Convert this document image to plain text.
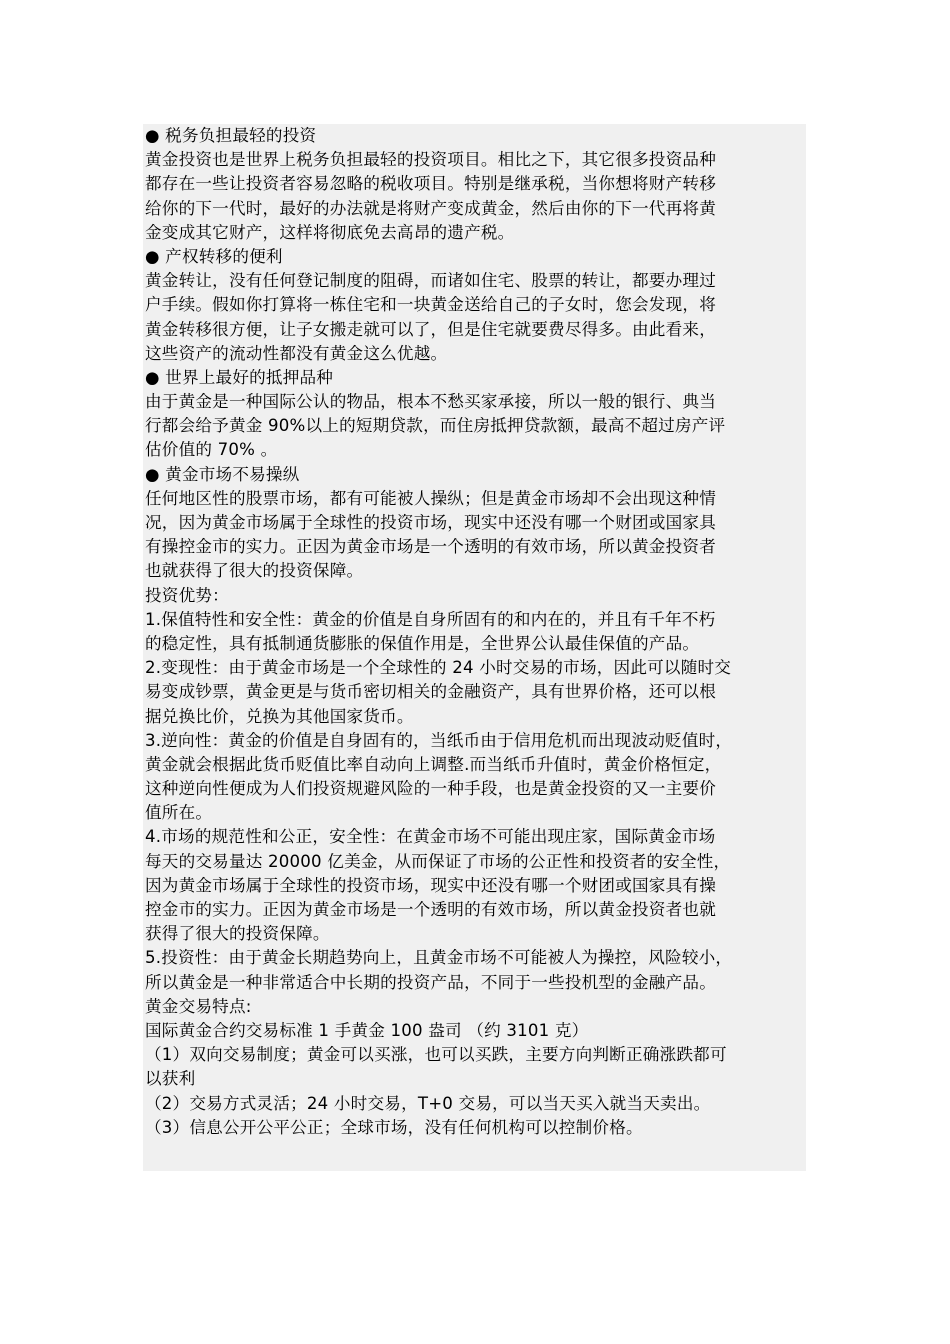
● 税务负担最轻的投资
黄金投资也是世界上税务负担最轻的投资项目。相比之下，其它很多投资品种
都存在一些让投资者容易忽略的税收项目。特别是继承税，当你想将财产转移
给你的下一代时，最好的办法就是将财产变成黄金，然后由你的下一代再将黄
金变成其它财产，这样将彻底免去高昂的遗产税。
● 产权转移的便利
黄金转让，没有任何登记制度的阻碍，而诸如住宅、股票的转让，都要办理过
户手续。假如你打算将一栋住宅和一块黄金送给自己的子女时，您会发现，将
黄金转移很方便，让子女搬走就可以了，但是住宅就要费尽得多。由此看来，
这些资产的流动性都没有黄金这么优越。
● 世界上最好的抵押品种
由于黄金是一种国际公认的物品，根本不愁买家承接，所以一般的银行、典当
行都会给予黄金 90%以上的短期贷款，而住房抵押贷款额，最高不超过房产评
估价值的 70% 。
● 黄金市场不易操纵
任何地区性的股票市场，都有可能被人操纵；但是黄金市场却不会出现这种情
况，因为黄金市场属于全球性的投资市场，现实中还没有哪一个财团或国家具
有操控金市的实力。正因为黄金市场是一个透明的有效市场，所以黄金投资者
也就获得了很大的投资保障。
投资优势：
1.保值特性和安全性：黄金的价值是自身所固有的和内在的，并且有千年不朽
的稳定性，具有抵制通货膨胀的保值作用是，全世界公认最佳保值的产品。
2.变现性：由于黄金市场是一个全球性的 24 小时交易的市场，因此可以随时交
易变成钞票，黄金更是与货币密切相关的金融资产，具有世界价格，还可以根
据兑换比价，兑换为其他国家货币。
3.逆向性：黄金的价值是自身固有的，当纸币由于信用危机而出现波动贬值时，
黄金就会根据此货币贬值比率自动向上调整.而当纸币升值时，黄金价格恒定，
这种逆向性便成为人们投资规避风险的一种手段，也是黄金投资的又一主要价
值所在。
4.市场的规范性和公正，安全性：在黄金市场不可能出现庄家，国际黄金市场
每天的交易量达 20000 亿美金，从而保证了市场的公正性和投资者的安全性，
因为黄金市场属于全球性的投资市场，现实中还没有哪一个财团或国家具有操
控金市的实力。正因为黄金市场是一个透明的有效市场，所以黄金投资者也就
获得了很大的投资保障。
5.投资性：由于黄金长期趋势向上，且黄金市场不可能被人为操控，风险较小，
所以黄金是一种非常适合中长期的投资产品，不同于一些投机型的金融产品。
黄金交易特点:
国际黄金合约交易标准 1 手黄金 100 盎司 （约 3101 克）
（1）双向交易制度；黄金可以买涨，也可以买跌，主要方向判断正确涨跌都可
以获利
（2）交易方式灵活；24 小时交易，T+0 交易，可以当天买入就当天卖出。
（3）信息公开公平公正；全球市场，没有任何机构可以控制价格。
